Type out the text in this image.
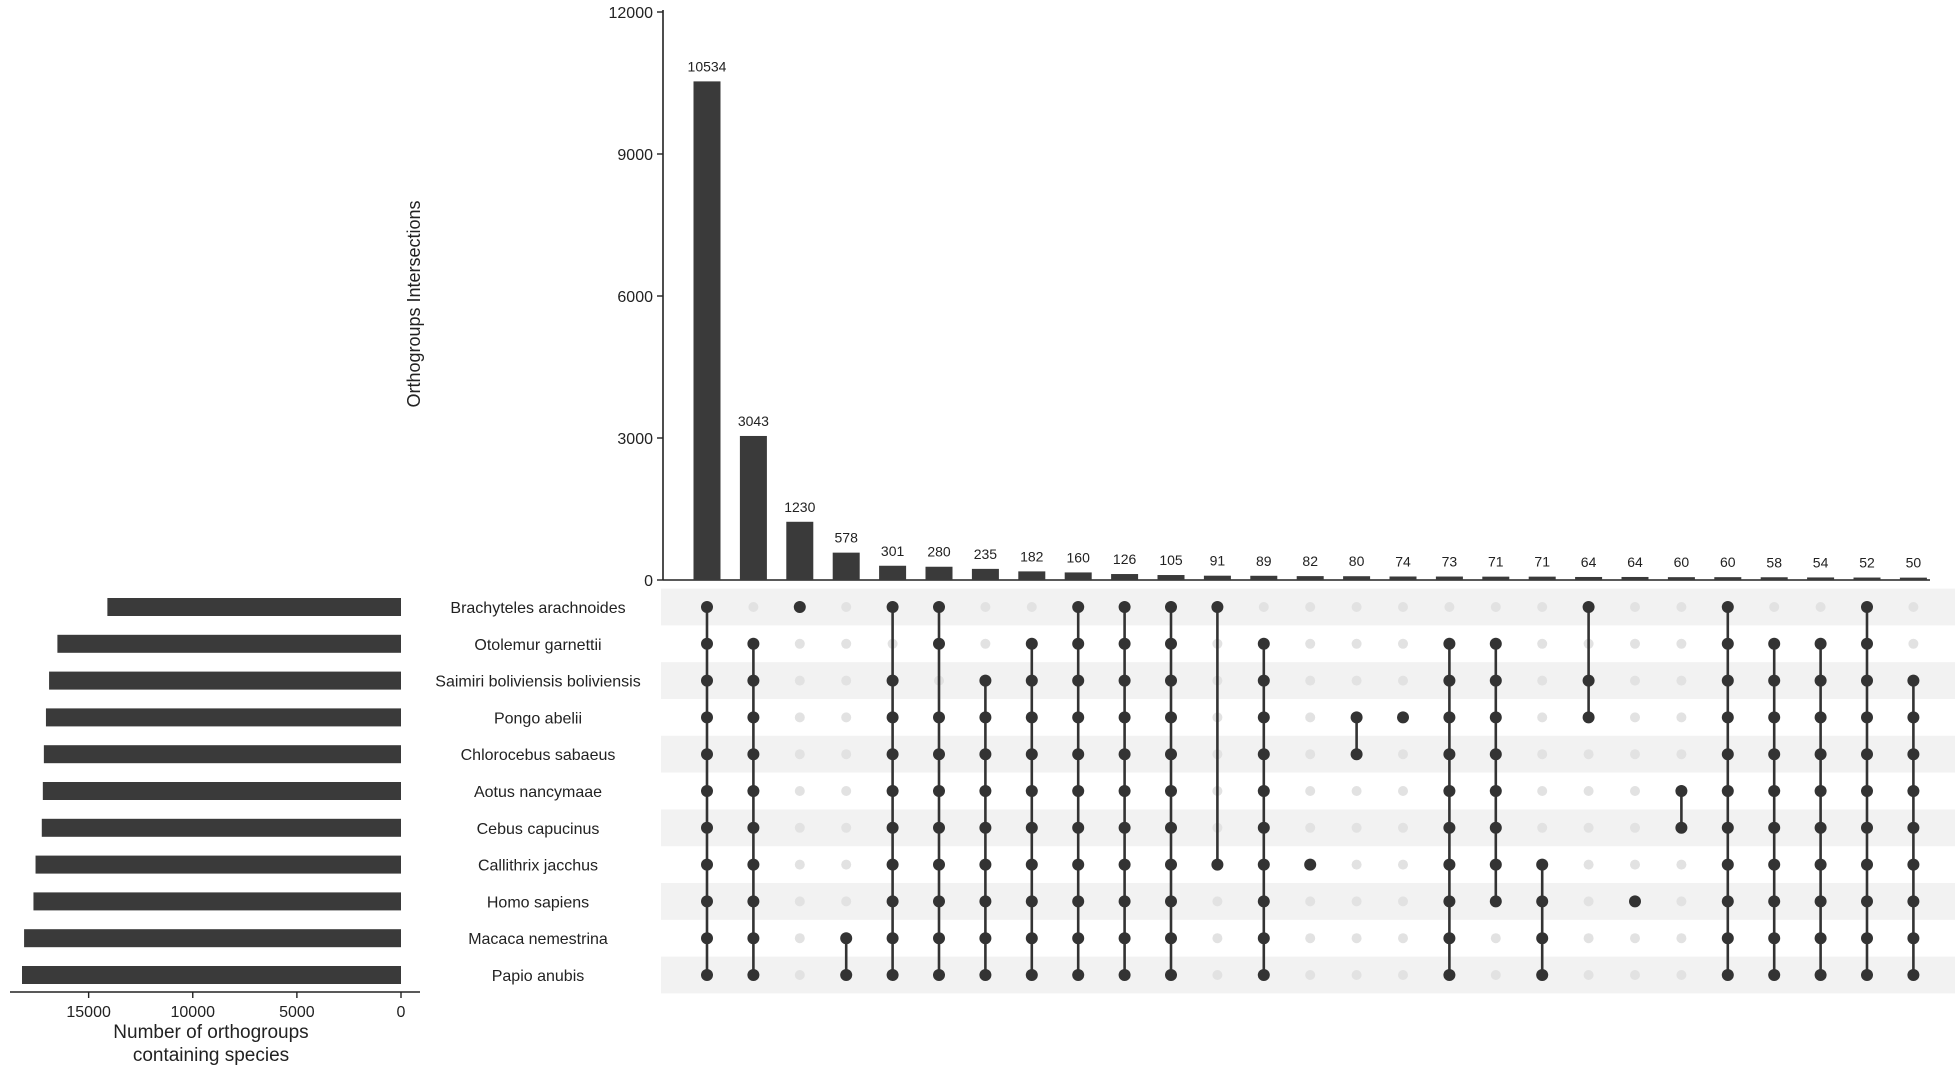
0
3000
6000
9000
12000
Orthogroups Intersections
10534
3043
1230
578
301 280 235 182 160 126 105 91 89 82 80 74 73 71 71 64 64 60 60 58 54 52 50
Brachyteles arachnoides
Otolemur garnettii
Saimiri boliviensis boliviensis
Pongo abelii
Chlorocebus sabaeus
Aotus nancymaae
Cebus capucinus
Callithrix jacchus
Homo sapiens
Macaca nemestrina
Papio anubis
0
5000
10000
15000
Number of orthogroups
containing species
